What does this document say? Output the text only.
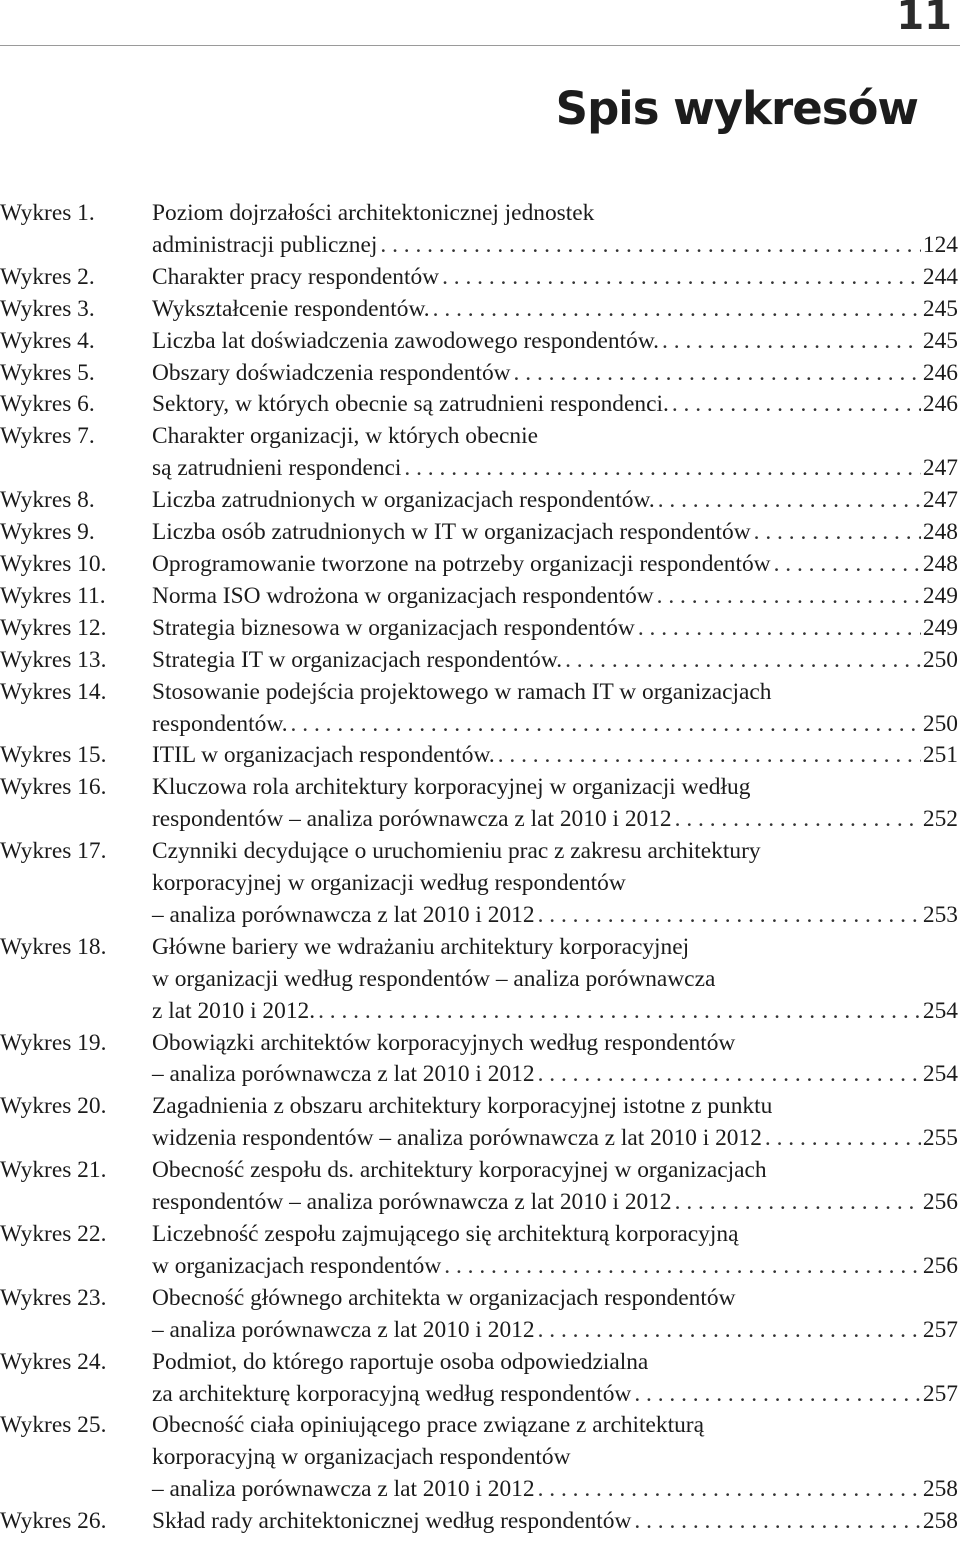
11
Spis wykresów
Wykres 1.	Poziom dojrzałości architektonicznej jednostek
administracji publicznej . . .	124
Wykres 2.	Charakter pracy respondentów . . .	244
Wykres 3.	Wykształcenie respondentów. . . .	245
Wykres 4.	Liczba lat doświadczenia zawodowego respondentów. . . .	245
Wykres 5.	Obszary doświadczenia respondentów . . .	246
Wykres 6.	Sektory, w których obecnie są zatrudnieni respondenci. . . .	246
Wykres 7.	Charakter organizacji, w których obecnie
są zatrudnieni respondenci . . .	247
Wykres 8.	Liczba zatrudnionych w organizacjach respondentów. . . .	247
Wykres 9.	Liczba osób zatrudnionych w IT w organizacjach respondentów . . .	248
Wykres 10.	Oprogramowanie tworzone na potrzeby organizacji respondentów . . .	248
Wykres 11.	Norma ISO wdrożona w organizacjach respondentów . . .	249
Wykres 12.	Strategia biznesowa w organizacjach respondentów . . .	249
Wykres 13.	Strategia IT w organizacjach respondentów. . . .	250
Wykres 14.	Stosowanie podejścia projektowego w ramach IT w organizacjach
respondentów. . . .	250
Wykres 15.	ITIL w organizacjach respondentów. . . .	251
Wykres 16.	Kluczowa rola architektury korporacyjnej w organizacji według
respondentów – analiza porównawcza z lat 2010 i 2012 . . .	252
Wykres 17.	Czynniki decydujące o uruchomieniu prac z zakresu architektury
korporacyjnej w organizacji według respondentów
– analiza porównawcza z lat 2010 i 2012 . . .	253
Wykres 18.	Główne bariery we wdrażaniu architektury korporacyjnej
w organizacji według respondentów – analiza porównawcza
z lat 2010 i 2012. . . .	254
Wykres 19.	Obowiązki architektów korporacyjnych według respondentów
– analiza porównawcza z lat 2010 i 2012 . . .	254
Wykres 20.	Zagadnienia z obszaru architektury korporacyjnej istotne z punktu
widzenia respondentów – analiza porównawcza z lat 2010 i 2012 . . .	255
Wykres 21.	Obecność zespołu ds. architektury korporacyjnej w organizacjach
respondentów – analiza porównawcza z lat 2010 i 2012 . . .	256
Wykres 22.	Liczebność zespołu zajmującego się architekturą korporacyjną
w organizacjach respondentów . . .	256
Wykres 23.	Obecność głównego architekta w organizacjach respondentów
– analiza porównawcza z lat 2010 i 2012 . . .	257
Wykres 24.	Podmiot, do którego raportuje osoba odpowiedzialna
za architekturę korporacyjną według respondentów . . .	257
Wykres 25.	Obecność ciała opiniującego prace związane z architekturą
korporacyjną w organizacjach respondentów
– analiza porównawcza z lat 2010 i 2012 . . .	258
Wykres 26.	Skład rady architektonicznej według respondentów . . .	258
